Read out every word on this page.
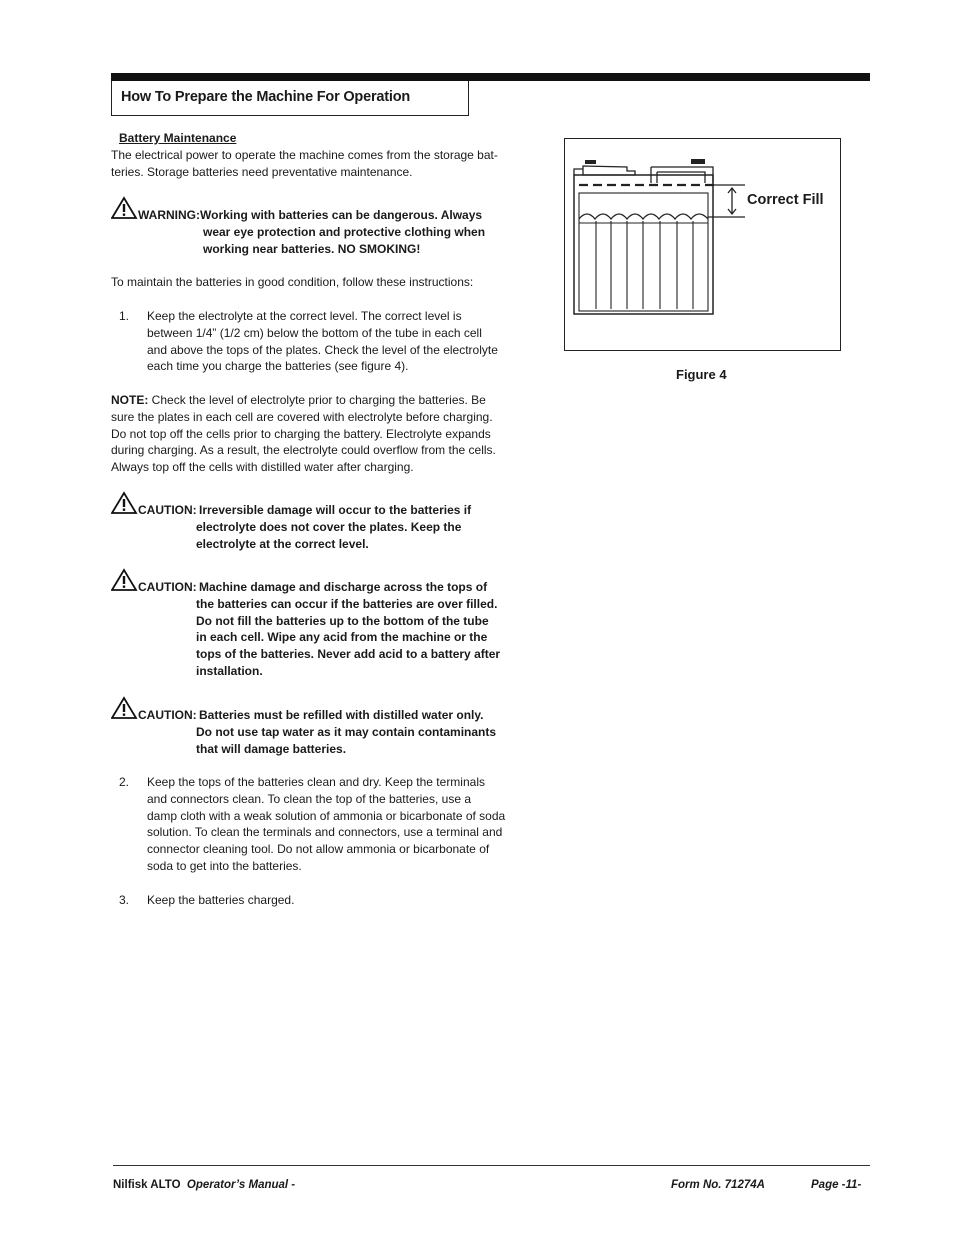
How To Prepare the Machine For Operation
Battery Maintenance

The electrical power to operate the machine comes from the storage bat-

teries. Storage batteries need preventative maintenance.

WARNING: Working with batteries can be dangerous. Always
wear eye protection and protective clothing when
working near batteries. NO SMOKING!
To maintain the batteries in good condition, follow these instructions:
1. Keep the electrolyte at the correct level. The correct level is
between 1/4” (1/2 cm) below the bottom of the tube in each cell
and above the tops of the plates. Check the level of the electrolyte
each time you charge the batteries (see figure 4).
NOTE: Check the level of electrolyte prior to charging the batteries. Be
sure the plates in each cell are covered with electrolyte before charging.
Do not top off the cells prior to charging the battery. Electrolyte expands
during charging. As a result, the electrolyte could overflow from the cells.
Always top off the cells with distilled water after charging.
CAUTION: Irreversible damage will occur to the batteries if
electrolyte does not cover the plates. Keep the
electrolyte at the correct level.
CAUTION: Machine damage and discharge across the tops of
the batteries can occur if the batteries are over filled.
Do not fill the batteries up to the bottom of the tube
in each cell. Wipe any acid from the machine or the
tops of the batteries. Never add acid to a battery after
installation.
CAUTION: Batteries must be refilled with distilled water only.
Do not use tap water as it may contain contaminants
that will damage batteries.
2. Keep the tops of the batteries clean and dry. Keep the terminals
and connectors clean. To clean the top of the batteries, use a
damp cloth with a weak solution of ammonia or bicarbonate of soda
solution. To clean the terminals and connectors, use a terminal and
connector cleaning tool. Do not allow ammonia or bicarbonate of
soda to get into the batteries.
3. Keep the batteries charged.
Correct Fill
Figure 4
Nilfisk ALTO Operator’s Manual -	Form No. 71274A	Page -11-
